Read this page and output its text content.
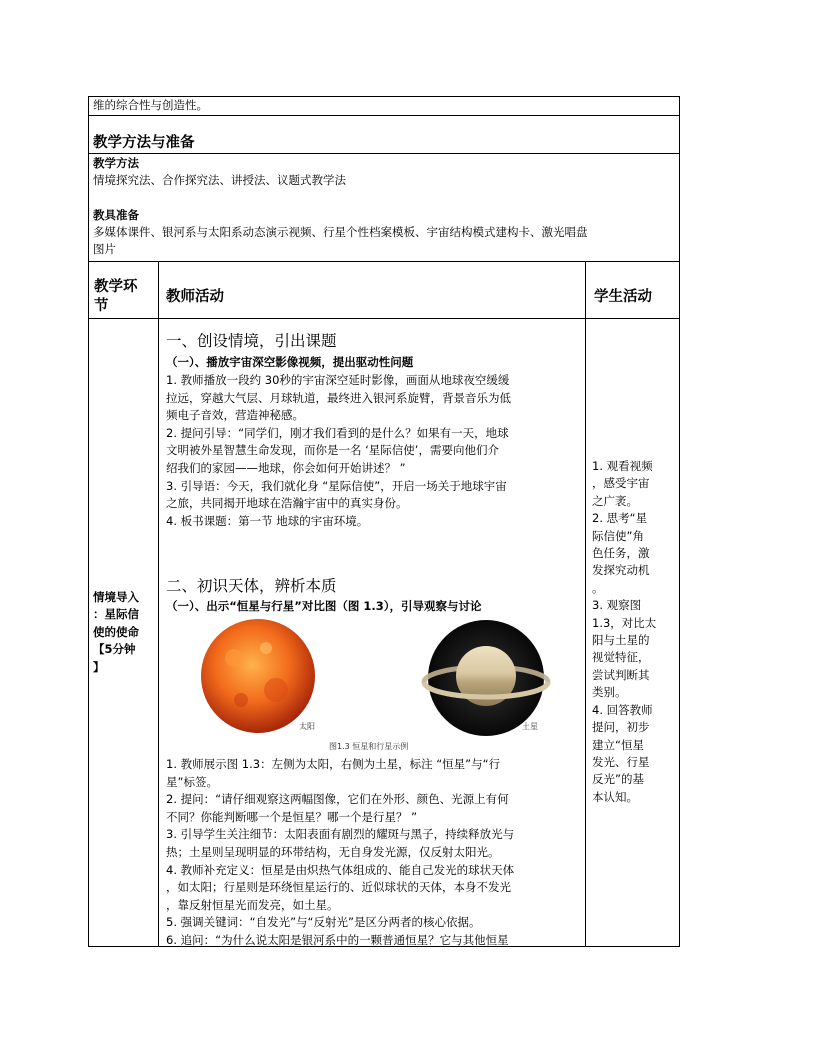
维的综合性与创造性。
教学方法与准备
教学方法
情境探究法、合作探究法、讲授法、议题式教学法
教具准备
多媒体课件、银河系与太阳系动态演示视频、行星个性档案模板、宇宙结构模式建构卡、激光唱盘
图片
教学环
节
教师活动	学生活动
情境导入
：星际信
使的使命
【5分钟
】
一、创设情境，引出课题
（一）、播放宇宙深空影像视频，提出驱动性问题
1. 教师播放一段约 30秒的宇宙深空延时影像，画面从地球夜空缓缓
拉远，穿越大气层、月球轨道，最终进入银河系旋臂，背景音乐为低
频电子音效，营造神秘感。
2. 提问引导：“同学们，刚才我们看到的是什么？如果有一天，地球
文明被外星智慧生命发现，而你是一名 ‘星际信使’，需要向他们介
绍我们的家园——地球，你会如何开始讲述？ ”
3. 引导语：今天，我们就化身 “星际信使”，开启一场关于地球宇宙
之旅，共同揭开地球在浩瀚宇宙中的真实身份。
4. 板书课题：第一节 地球的宇宙环境。
二、初识天体，辨析本质
（一）、出示“恒星与行星”对比图（图 1.3），引导观察与讨论
太阳	土星
图1.3 恒星和行星示例
1. 教师展示图 1.3：左侧为太阳，右侧为土星，标注 “恒星”与“行
星”标签。
2. 提问：“请仔细观察这两幅图像，它们在外形、颜色、光源上有何
不同？你能判断哪一个是恒星？哪一个是行星？ ”
3. 引导学生关注细节：太阳表面有剧烈的耀斑与黑子，持续释放光与
热；土星则呈现明显的环带结构，无自身发光源，仅反射太阳光。
4. 教师补充定义：恒星是由炽热气体组成的、能自己发光的球状天体
，如太阳；行星则是环绕恒星运行的、近似球状的天体，本身不发光
，靠反射恒星光而发亮，如土星。
5. 强调关键词：“自发光”与“反射光”是区分两者的核心依据。
6. 追问：“为什么说太阳是银河系中的一颗普通恒星？它与其他恒星
1. 观看视频
，感受宇宙
之广袤。
2. 思考“星
际信使”角
色任务，激
发探究动机
。
3. 观察图
1.3，对比太
阳与土星的
视觉特征，
尝试判断其
类别。
4. 回答教师
提问，初步
建立“恒星
发光、行星
反光”的基
本认知。
